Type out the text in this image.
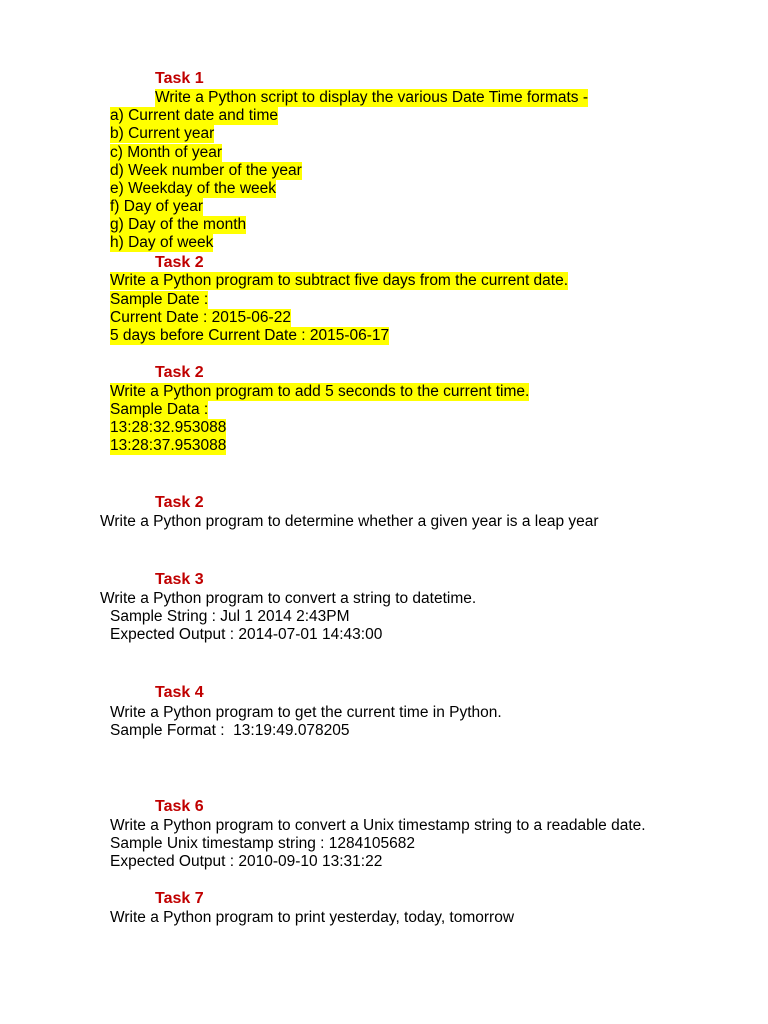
Task 1
Write a Python script to display the various Date Time formats -
a) Current date and time
b) Current year
c) Month of year
d) Week number of the year
e) Weekday of the week
f) Day of year
g) Day of the month
h) Day of week
Task 2
Write a Python program to subtract five days from the current date.
Sample Date :
Current Date : 2015-06-22
5 days before Current Date : 2015-06-17
Task 2
Write a Python program to add 5 seconds to the current time.
Sample Data :
13:28:32.953088
13:28:37.953088
Task 2
Write a Python program to determine whether a given year is a leap year
Task 3
Write a Python program to convert a string to datetime.
Sample String : Jul 1 2014 2:43PM
Expected Output : 2014-07-01 14:43:00
Task 4
Write a Python program to get the current time in Python.
Sample Format :  13:19:49.078205
Task 6
Write a Python program to convert a Unix timestamp string to a readable date.
Sample Unix timestamp string : 1284105682
Expected Output : 2010-09-10 13:31:22
Task 7
Write a Python program to print yesterday, today, tomorrow
